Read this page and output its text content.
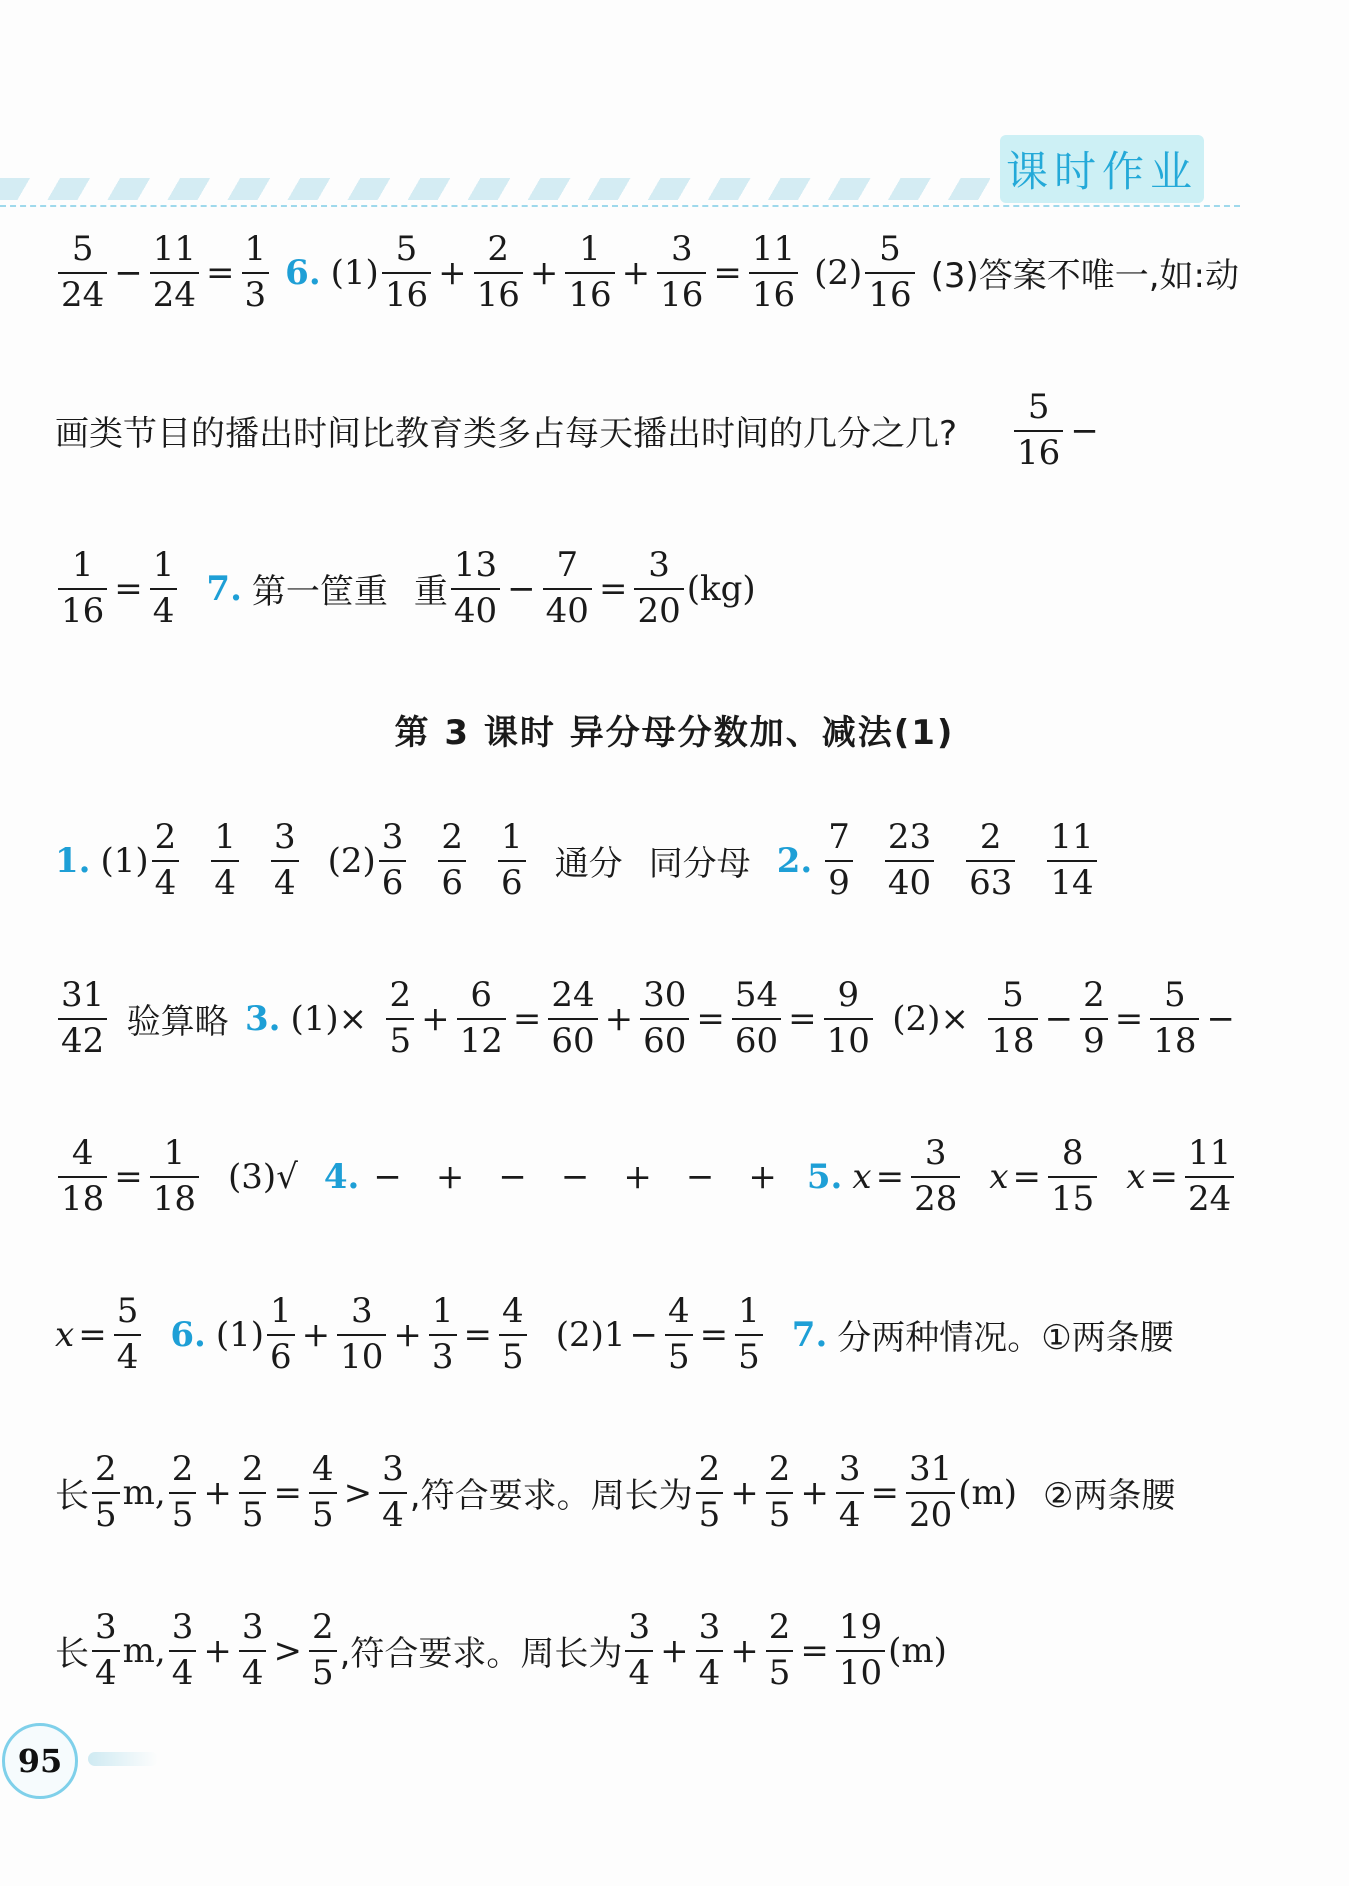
课时作业
$\frac{5}{24} - \frac{11}{24} = \frac{1}{3} 6$. $(1) \frac{5}{16} + \frac{2}{16} + \frac{1}{16} + \frac{3}{16} = \frac{11}{16} (2) \frac{5}{16} (3)$答案不唯一,如:动
画类节目的播出时间比教育类多占每天播出时间的几分之几? $\frac{5}{16}$ −
$\frac{1}{16} = \frac{1}{4} 7$. 第一筐重 重 $\frac{13}{40} - \frac{7}{40} = \frac{3}{20} (kg)$
第 3 课时 异分母分数加、减法(1)
1. $(1) \frac{2}{4} \frac{1}{4} \frac{3}{4} (2) \frac{3}{6} \frac{2}{6} \frac{1}{6}$ 通分 同分母 2. $\frac{7}{9} \frac{23}{40} \frac{2}{63} \frac{11}{14}$
$\frac{31}{42}$ 验算略 3. $(1) \times \frac{2}{5} + \frac{6}{12} = \frac{24}{60} + \frac{30}{60} = \frac{54}{60} = \frac{9}{10} (2) \times \frac{5}{18} - \frac{2}{9} = \frac{5}{18}$ −
$\frac{4}{18} = \frac{1}{18} (3)$ √ 4. − + − − + − + 5. $x = \frac{3}{28}$ $x = \frac{8}{15}$ $x = \frac{11}{24}$
$x = \frac{5}{4} 6$. $(1) \frac{1}{6} + \frac{3}{10} + \frac{1}{3} = \frac{4}{5} (2) 1 - \frac{4}{5} = \frac{1}{5} 7$. 分两种情况。①两条腰
长 $\frac{2}{5} m$, $\frac{2}{5} + \frac{2}{5} = \frac{4}{5} > \frac{3}{4}$ ,符合要求。周长为 $\frac{2}{5} + \frac{2}{5} + \frac{3}{4} = \frac{31}{20} (m)$ ②两条腰
长 $\frac{3}{4} m$, $\frac{3}{4} + \frac{3}{4} > \frac{2}{5}$ ,符合要求。周长为 $\frac{3}{4} + \frac{3}{4} + \frac{2}{5} = \frac{19}{10} (m)$
95
